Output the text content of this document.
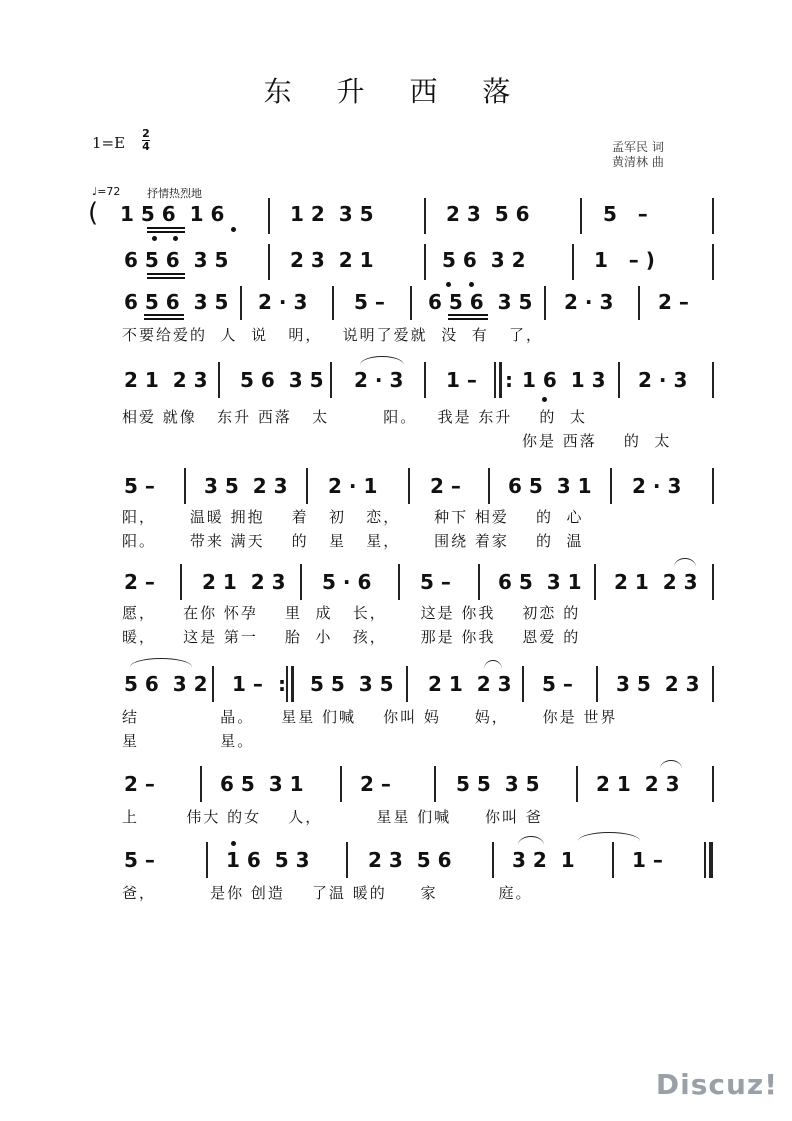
东 升 西 落
1=E
2
4	孟军民 词
黄清林 曲
♩=72 抒情热烈地
( 1 5 6  1 6	1 2  3 5	2 3  5 6	5   –
6 5 6  3 5	2 3  2 1	5 6  3 2	1   – )
6 5 6  3 5 2 · 3 5 – 6 5 6  3 5 2 · 3 2 –
不要给爱的  人  说   明，   说明了爱就  没  有   了，
2 1  2 3 5 6  3 5 2 · 3 1 – : 1 6  1 3 2 · 3
相爱 就像   东升 西落   太        阳。   我是 东升    的  太
你是 西落    的  太
5 – 3 5  2 3 2 · 1	2 – 6 5  3 1 2 · 3
阳，     温暖 拥抱    着   初   恋，     种下 相爱    的  心
阳。     带来 满天    的   星   星，     围绕 着家    的  温
2 – 2 1  2 3 5 · 6 5 – 6 5  3 1 2 1  2 3
愿，    在你 怀孕    里  成   长，     这是 你我    初恋 的
暖，    这是 第一    胎  小   孩，     那是 你我    恩爱 的
5 6  3 2 1 – : 5 5  3 5 2 1  2 3 5 – 3 5  2 3
结            晶。    星星 们喊    你叫 妈     妈，     你是 世界
星            星。
2 –	6 5  3 1	2 –	5 5  3 5	2 1  2 3
上       伟大 的女    人，        星星 们喊     你叫 爸
5 –	1 6  5 3	2 3  5 6	3 2  1	1 –
爸，        是你 创造    了温 暖的     家         庭。
Discuz!
